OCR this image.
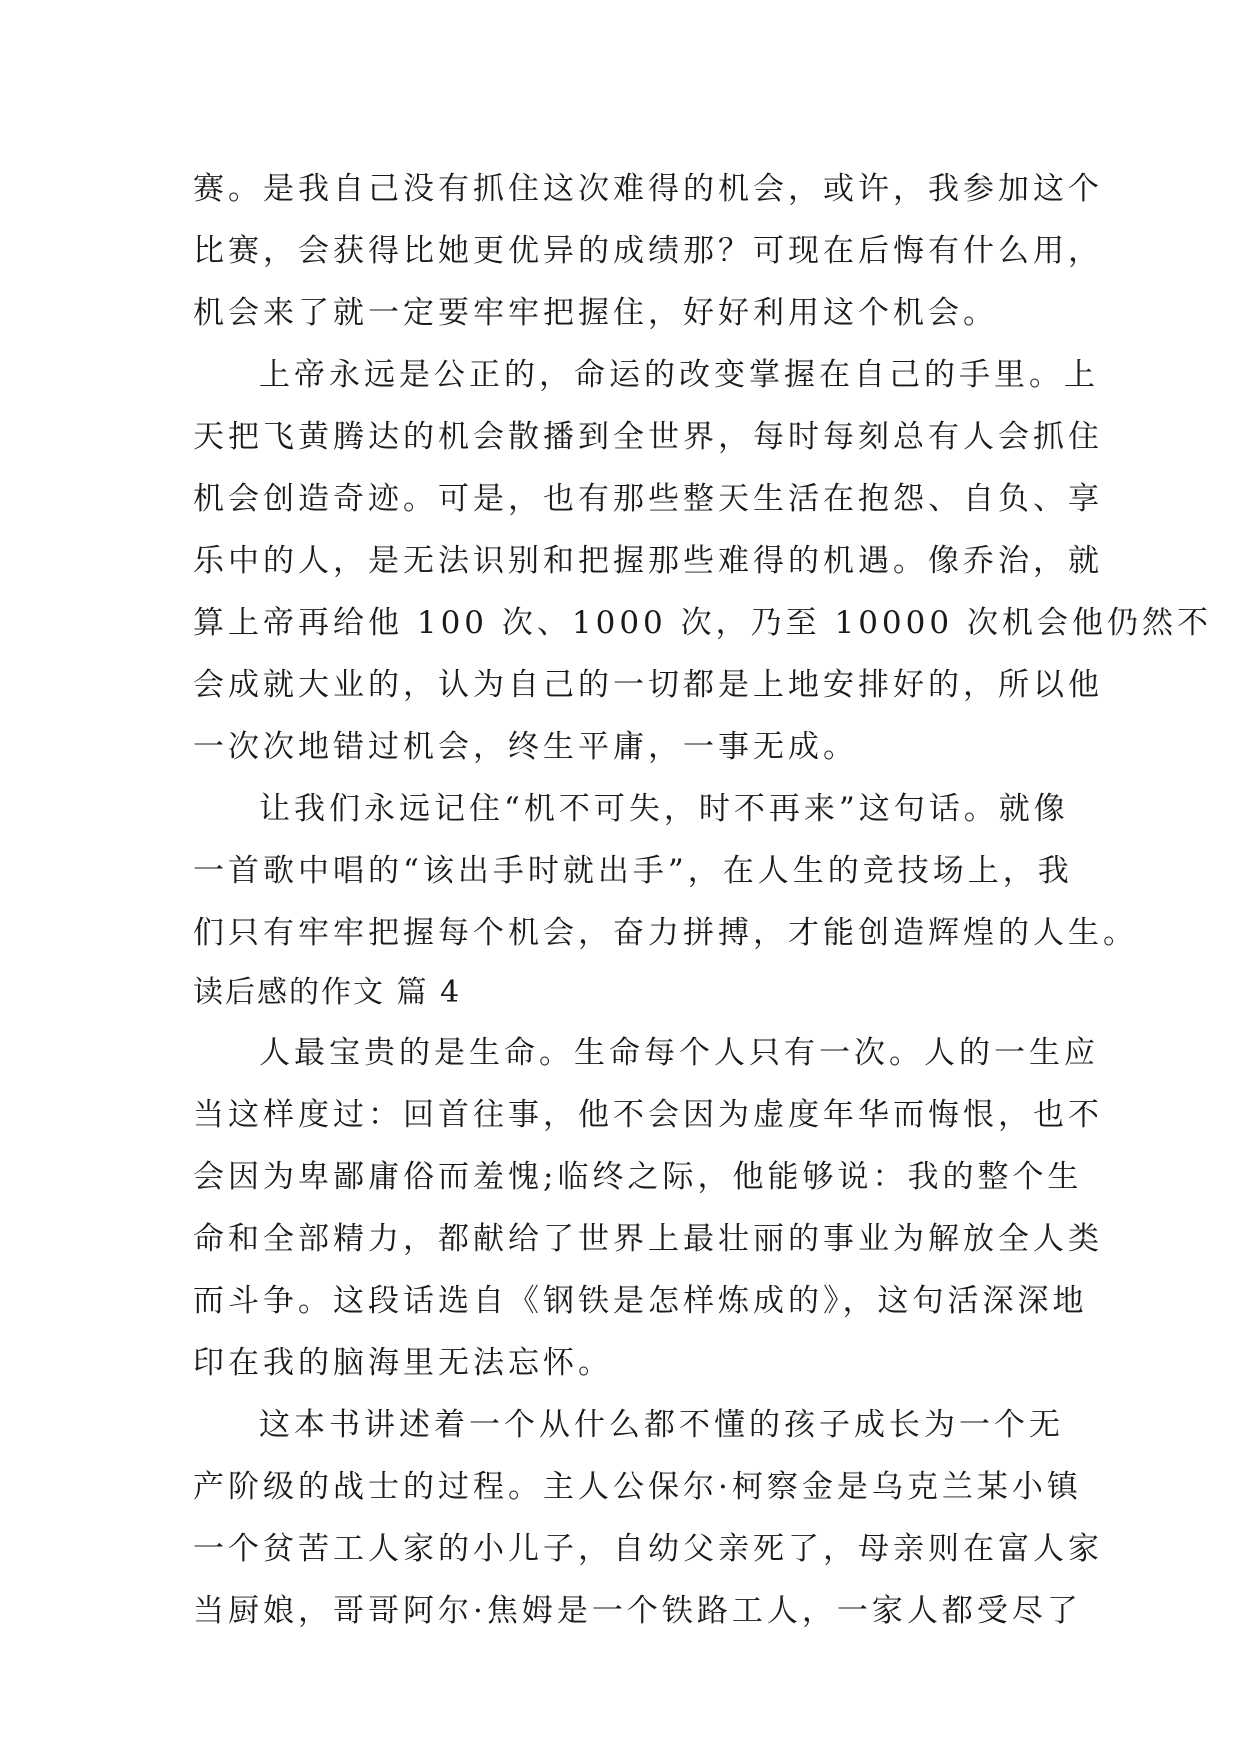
赛。是我自己没有抓住这次难得的机会，或许，我参加这个
比赛，会获得比她更优异的成绩那？可现在后悔有什么用，
机会来了就一定要牢牢把握住，好好利用这个机会。
上帝永远是公正的，命运的改变掌握在自己的手里。上
天把飞黄腾达的机会散播到全世界，每时每刻总有人会抓住
机会创造奇迹。可是，也有那些整天生活在抱怨、自负、享
乐中的人，是无法识别和把握那些难得的机遇。像乔治，就
算上帝再给他 100 次、1000 次，乃至 10000 次机会他仍然不
会成就大业的，认为自己的一切都是上地安排好的，所以他
一次次地错过机会，终生平庸，一事无成。
让我们永远记住“机不可失，时不再来”这句话。就像
一首歌中唱的“该出手时就出手”，在人生的竞技场上，我
们只有牢牢把握每个机会，奋力拼搏，才能创造辉煌的人生。
读后感的作文 篇 4
人最宝贵的是生命。生命每个人只有一次。人的一生应
当这样度过：回首往事，他不会因为虚度年华而悔恨，也不
会因为卑鄙庸俗而羞愧;临终之际，他能够说：我的整个生
命和全部精力，都献给了世界上最壮丽的事业为解放全人类
而斗争。这段话选自《钢铁是怎样炼成的》，这句活深深地
印在我的脑海里无法忘怀。
这本书讲述着一个从什么都不懂的孩子成长为一个无
产阶级的战士的过程。主人公保尔·柯察金是乌克兰某小镇
一个贫苦工人家的小儿子，自幼父亲死了，母亲则在富人家
当厨娘，哥哥阿尔·焦姆是一个铁路工人，一家人都受尽了
